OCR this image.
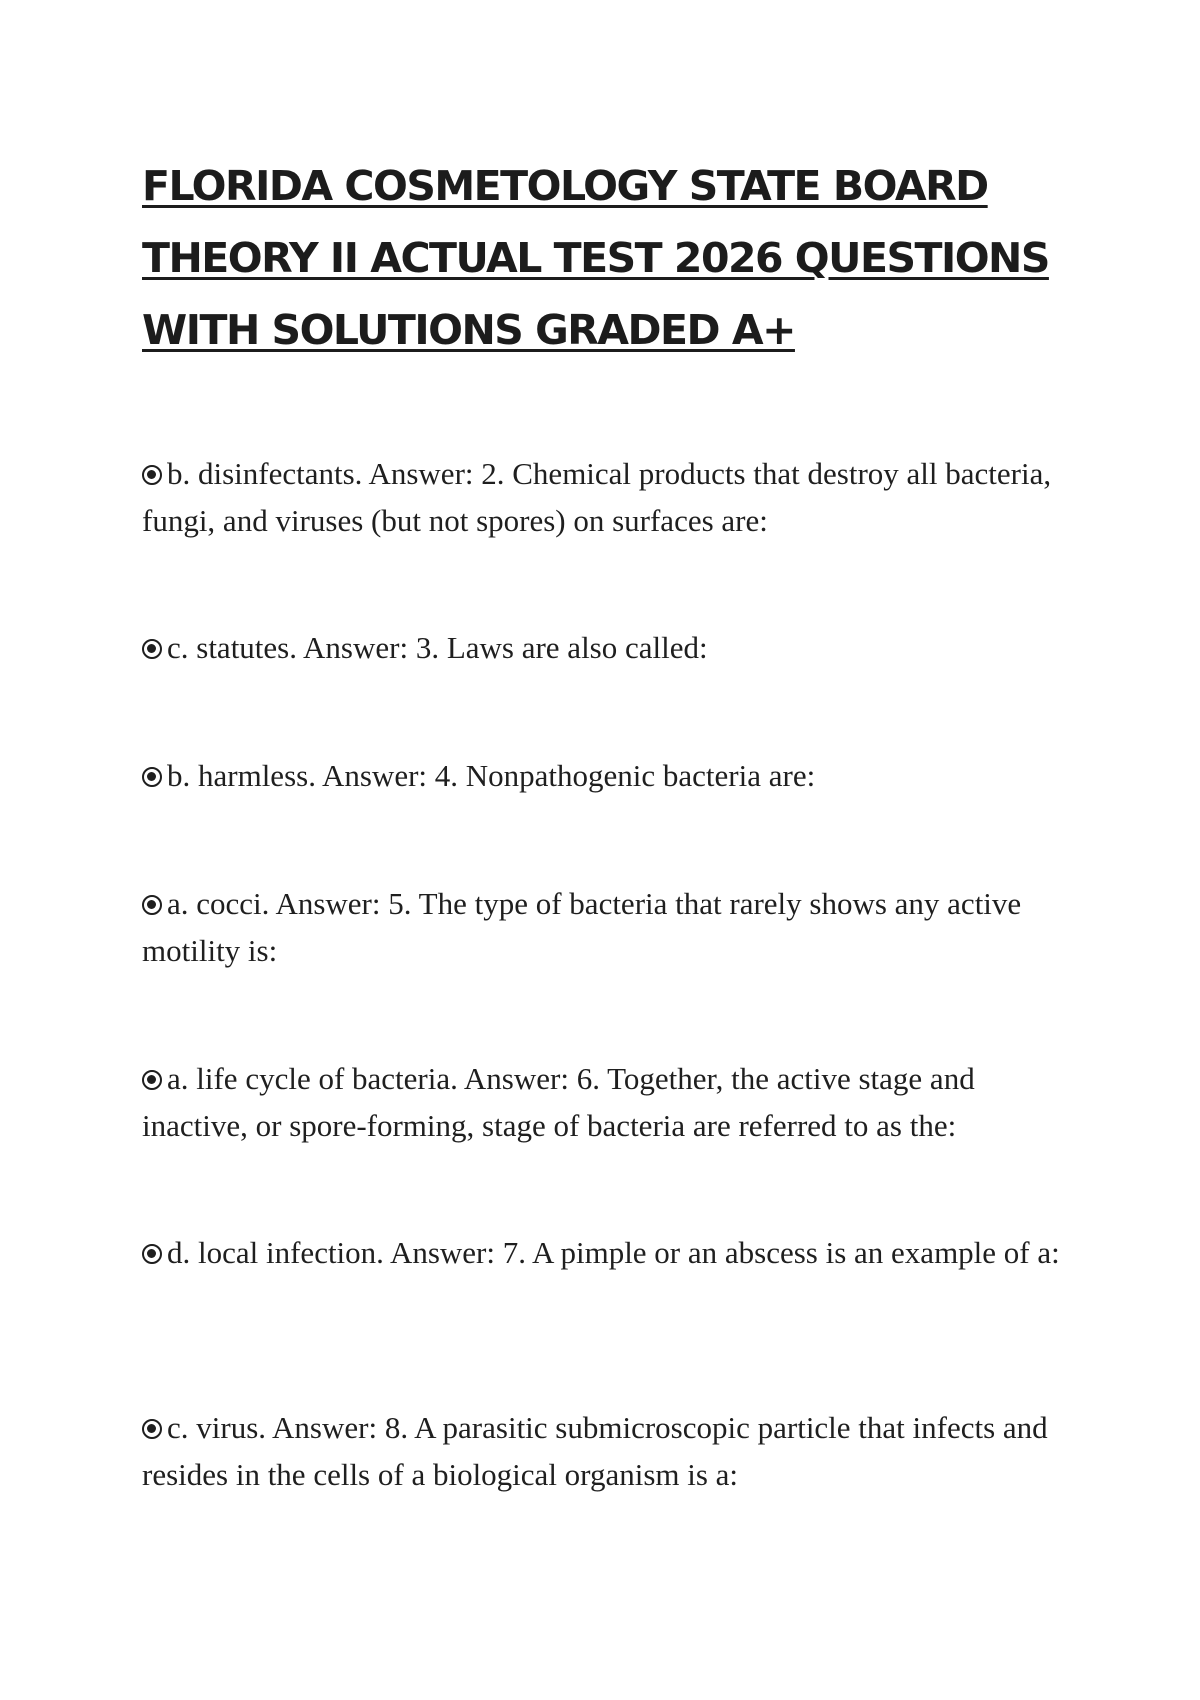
FLORIDA COSMETOLOGY STATE BOARD
THEORY II ACTUAL TEST 2026 QUESTIONS
WITH SOLUTIONS GRADED A+

b. disinfectants. Answer: 2. Chemical products that destroy all bacteria, fungi, and viruses (but not spores) on surfaces are:

c. statutes. Answer: 3. Laws are also called:

b. harmless. Answer: 4. Nonpathogenic bacteria are:

a. cocci. Answer: 5. The type of bacteria that rarely shows any active motility is:

a. life cycle of bacteria. Answer: 6. Together, the active stage and inactive, or spore-forming, stage of bacteria are referred to as the:

d. local infection. Answer: 7. A pimple or an abscess is an example of a:

c. virus. Answer: 8. A parasitic submicroscopic particle that infects and resides in the cells of a biological organism is a:
